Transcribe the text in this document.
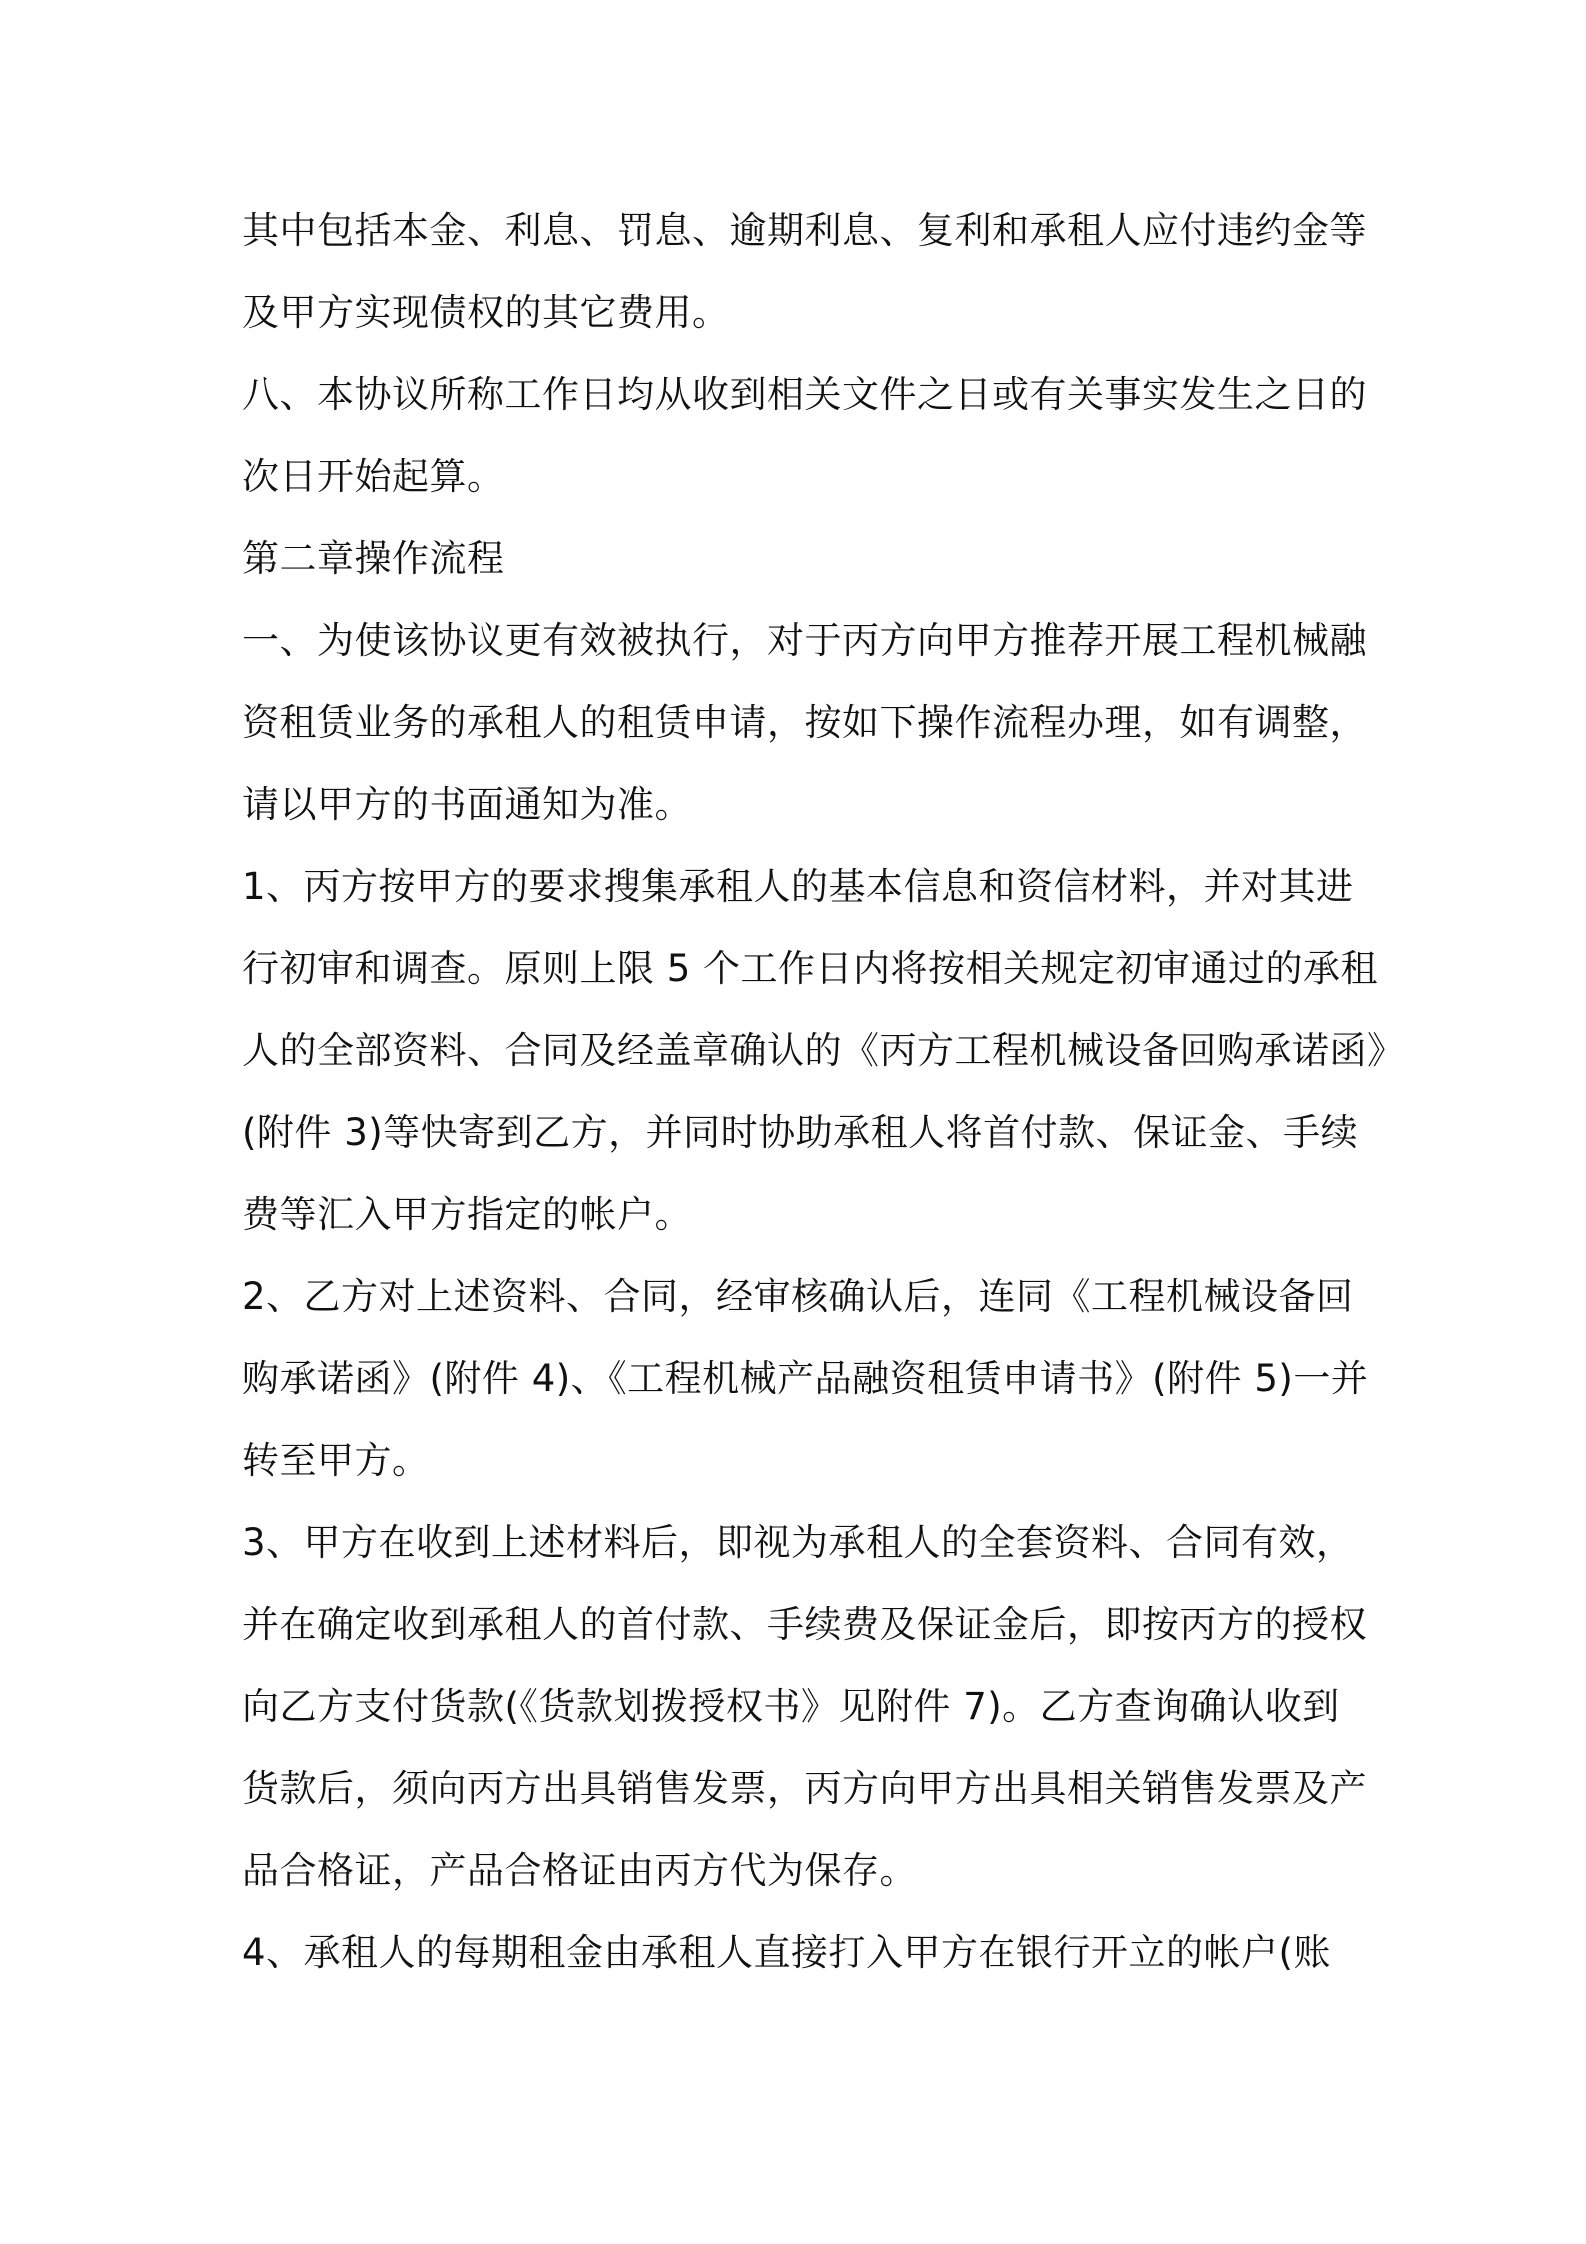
其中包括本金、利息、罚息、逾期利息、复利和承租人应付违约金等
及甲方实现债权的其它费用。
八、本协议所称工作日均从收到相关文件之日或有关事实发生之日的
次日开始起算。
第二章操作流程
一、为使该协议更有效被执行，对于丙方向甲方推荐开展工程机械融
资租赁业务的承租人的租赁申请，按如下操作流程办理，如有调整，
请以甲方的书面通知为准。
1、丙方按甲方的要求搜集承租人的基本信息和资信材料，并对其进
行初审和调查。原则上限 5 个工作日内将按相关规定初审通过的承租
人的全部资料、合同及经盖章确认的《丙方工程机械设备回购承诺函》
(附件 3)等快寄到乙方，并同时协助承租人将首付款、保证金、手续
费等汇入甲方指定的帐户。
2、乙方对上述资料、合同，经审核确认后，连同《工程机械设备回
购承诺函》(附件 4)、《工程机械产品融资租赁申请书》(附件 5)一并
转至甲方。
3、甲方在收到上述材料后，即视为承租人的全套资料、合同有效，
并在确定收到承租人的首付款、手续费及保证金后，即按丙方的授权
向乙方支付货款(《货款划拨授权书》见附件 7)。乙方查询确认收到
货款后，须向丙方出具销售发票，丙方向甲方出具相关销售发票及产
品合格证，产品合格证由丙方代为保存。
4、承租人的每期租金由承租人直接打入甲方在银行开立的帐户(账
